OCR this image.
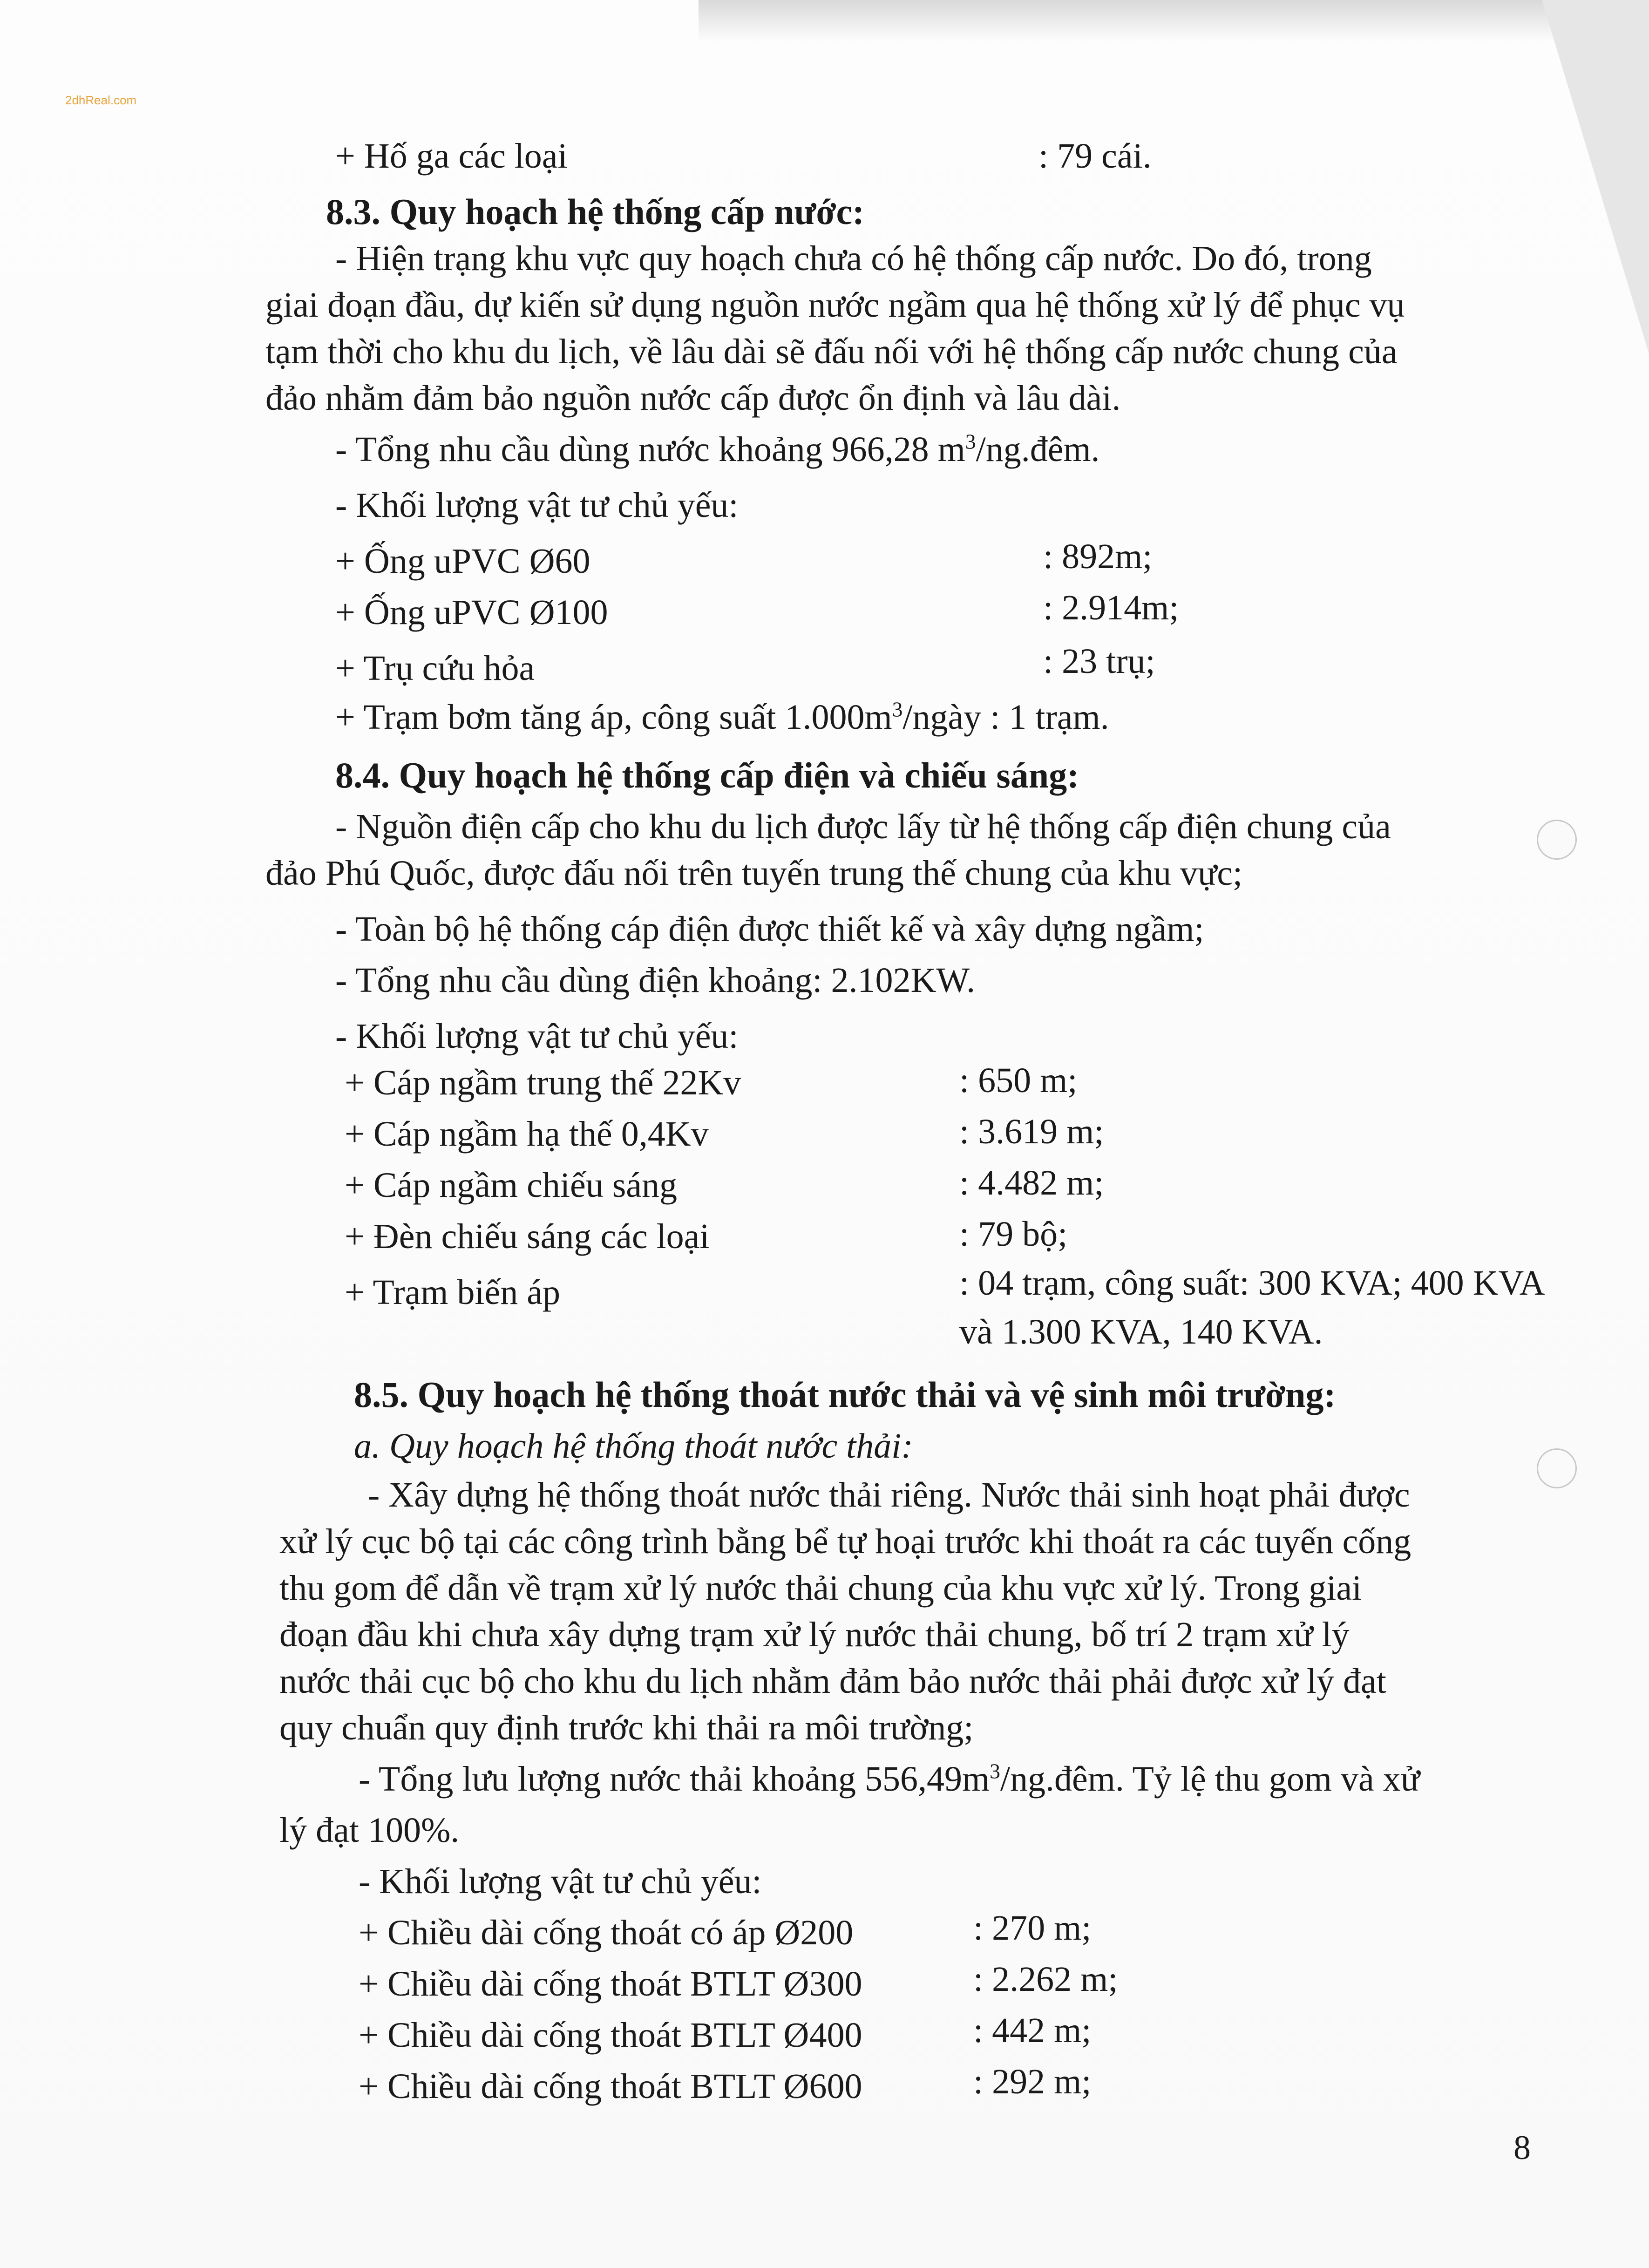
2dhReal.com
+ Hố ga các loại	: 79 cái.
8.3. Quy hoạch hệ thống cấp nước:
- Hiện trạng khu vực quy hoạch chưa có hệ thống cấp nước. Do đó, trong
giai đoạn đầu, dự kiến sử dụng nguồn nước ngầm qua hệ thống xử lý để phục vụ
tạm thời cho khu du lịch, về lâu dài sẽ đấu nối với hệ thống cấp nước chung của
đảo nhằm đảm bảo nguồn nước cấp được ổn định và lâu dài.
- Tổng nhu cầu dùng nước khoảng 966,28 $m^3/ng.đêm$.
- Khối lượng vật tư chủ yếu:
+ Ống uPVC Ø60	: 892m;
+ Ống uPVC Ø100	: 2.914m;
+ Trụ cứu hỏa	: 23 trụ;
+ Trạm bơm tăng áp, công suất $1.000m^3$/ngày : 1 trạm.
8.4. Quy hoạch hệ thống cấp điện và chiếu sáng:
- Nguồn điện cấp cho khu du lịch được lấy từ hệ thống cấp điện chung của
đảo Phú Quốc, được đấu nối trên tuyến trung thế chung của khu vực;
- Toàn bộ hệ thống cáp điện được thiết kế và xây dựng ngầm;
- Tổng nhu cầu dùng điện khoảng: 2.102KW.
- Khối lượng vật tư chủ yếu:
+ Cáp ngầm trung thế 22Kv	: 650 m;
+ Cáp ngầm hạ thế 0,4Kv	: 3.619 m;
+ Cáp ngầm chiếu sáng	: 4.482 m;
+ Đèn chiếu sáng các loại	: 79 bộ;
+ Trạm biến áp	: 04 trạm, công suất: 300 KVA; 400 KVA
và 1.300 KVA, 140 KVA.
8.5. Quy hoạch hệ thống thoát nước thải và vệ sinh môi trường:
a. Quy hoạch hệ thống thoát nước thải:
- Xây dựng hệ thống thoát nước thải riêng. Nước thải sinh hoạt phải được
xử lý cục bộ tại các công trình bằng bể tự hoại trước khi thoát ra các tuyến cống
thu gom để dẫn về trạm xử lý nước thải chung của khu vực xử lý. Trong giai
đoạn đầu khi chưa xây dựng trạm xử lý nước thải chung, bố trí 2 trạm xử lý
nước thải cục bộ cho khu du lịch nhằm đảm bảo nước thải phải được xử lý đạt
quy chuẩn quy định trước khi thải ra môi trường;
- Tổng lưu lượng nước thải khoảng $556,49m^3/ng.đêm$. Tỷ lệ thu gom và xử
lý đạt 100%.
- Khối lượng vật tư chủ yếu:
+ Chiều dài cống thoát có áp Ø200	: 270 m;
+ Chiều dài cống thoát BTLT Ø300	: 2.262 m;
+ Chiều dài cống thoát BTLT Ø400	: 442 m;
+ Chiều dài cống thoát BTLT Ø600	: 292 m;
8
